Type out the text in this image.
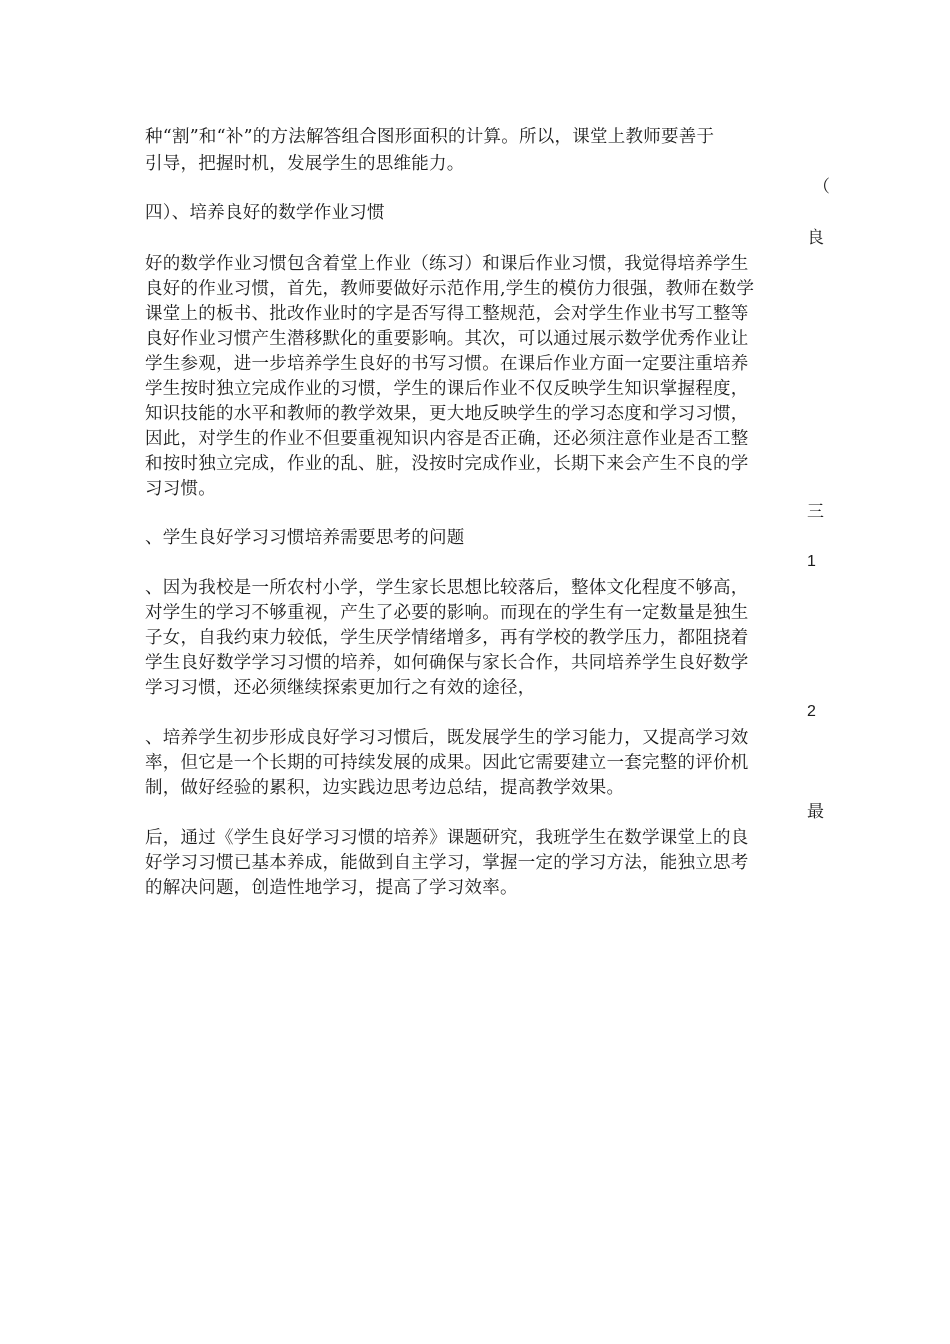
种“割”和“补”的方法解答组合图形面积的计算。所以，课堂上教师要善于
引导，把握时机，发展学生的思维能力。
（
四）、培养良好的数学作业习惯
良
好的数学作业习惯包含着堂上作业（练习）和课后作业习惯，我觉得培养学生
良好的作业习惯，首先，教师要做好示范作用,学生的模仿力很强，教师在数学
课堂上的板书、批改作业时的字是否写得工整规范，会对学生作业书写工整等
良好作业习惯产生潜移默化的重要影响。其次，可以通过展示数学优秀作业让
学生参观，进一步培养学生良好的书写习惯。在课后作业方面一定要注重培养
学生按时独立完成作业的习惯，学生的课后作业不仅反映学生知识掌握程度，
知识技能的水平和教师的教学效果，更大地反映学生的学习态度和学习习惯，
因此，对学生的作业不但要重视知识内容是否正确，还必须注意作业是否工整
和按时独立完成，作业的乱、脏，没按时完成作业，长期下来会产生不良的学
习习惯。
三
、学生良好学习习惯培养需要思考的问题
1
、因为我校是一所农村小学，学生家长思想比较落后，整体文化程度不够高，
对学生的学习不够重视，产生了必要的影响。而现在的学生有一定数量是独生
子女，自我约束力较低，学生厌学情绪增多，再有学校的教学压力，都阻挠着
学生良好数学学习习惯的培养，如何确保与家长合作，共同培养学生良好数学
学习习惯，还必须继续探索更加行之有效的途径，
2
、培养学生初步形成良好学习习惯后，既发展学生的学习能力，又提高学习效
率，但它是一个长期的可持续发展的成果。因此它需要建立一套完整的评价机
制，做好经验的累积，边实践边思考边总结，提高教学效果。
最
后，通过《学生良好学习习惯的培养》课题研究，我班学生在数学课堂上的良
好学习习惯已基本养成，能做到自主学习，掌握一定的学习方法，能独立思考
的解决问题，创造性地学习，提高了学习效率。
